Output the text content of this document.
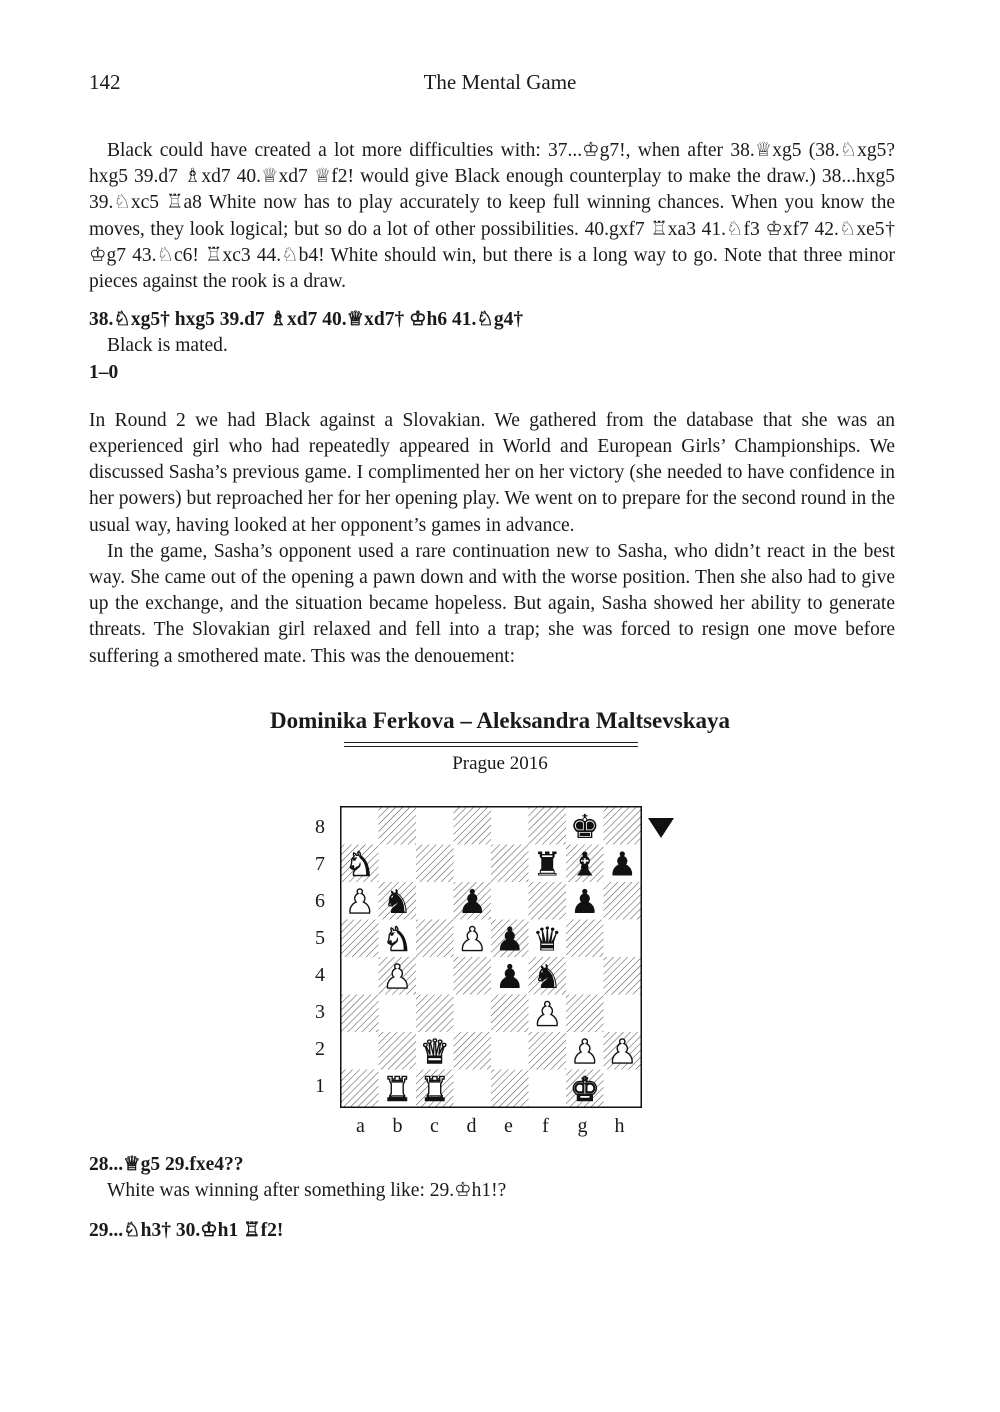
142	The Mental Game

Black could have created a lot more difficulties with: 37...♔g7!, when after 38.♕xg5 (38.♘xg5? hxg5 39.d7 ♗xd7 40.♕xd7 ♕f2! would give Black enough counterplay to make the draw.) 38...hxg5 39.♘xc5 ♖a8 White now has to play accurately to keep full winning chances. When you know the moves, they look logical; but so do a lot of other possibilities. 40.gxf7 ♖xa3 41.♘f3 ♔xf7 42.♘xe5† ♔g7 43.♘c6! ♖xc3 44.♘b4! White should win, but there is a long way to go. Note that three minor pieces against the rook is a draw.

38.♘xg5† hxg5 39.d7 ♗xd7 40.♕xd7† ♔h6 41.♘g4†

Black is mated.

1–0

In Round 2 we had Black against a Slovakian. We gathered from the database that she was an experienced girl who had repeatedly appeared in World and European Girls’ Championships. We discussed Sasha’s previous game. I complimented her on her victory (she needed to have confidence in her powers) but reproached her for her opening play. We went on to prepare for the second round in the usual way, having looked at her opponent’s games in advance.

In the game, Sasha’s opponent used a rare continuation new to Sasha, who didn’t react in the best way. She came out of the opening a pawn down and with the worse position. Then she also had to give up the exchange, and the situation became hopeless. But again, Sasha showed her ability to generate threats. The Slovakian girl relaxed and fell into a trap; she was forced to resign one move before suffering a smothered mate. This was the denouement:

Dominika Ferkova – Aleksandra Maltsevskaya
Prague 2016
8
7
6
5
4
3
2
1
♚
♞	♜ ♝ ♟
♟ ♞ ♟	♟
♞ ♟ ♟ ♛
♟	♟ ♞
♟
♛	♟ ♟
♜ ♜	♚
a	b	c	d	e	f	g	h

28...♕g5 29.fxe4??

White was winning after something like: 29.♔h1!?

29...♘h3† 30.♔h1 ♖f2!
